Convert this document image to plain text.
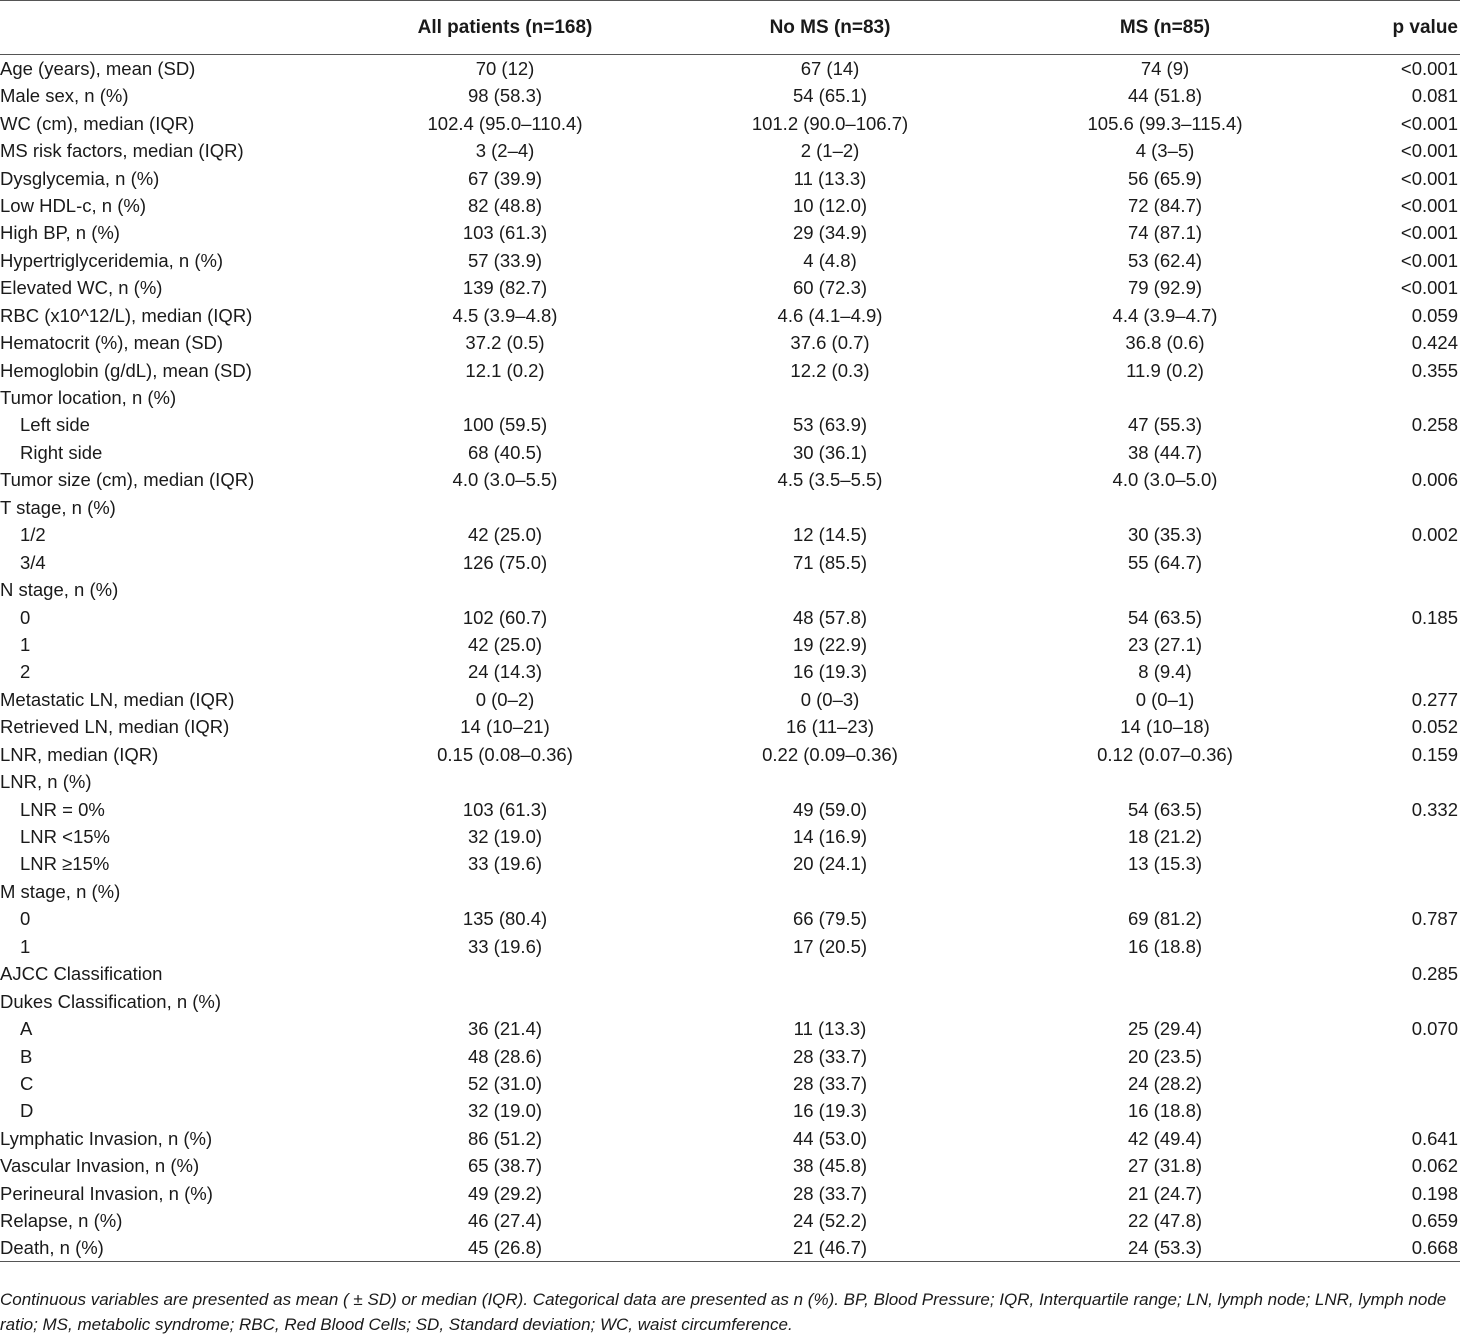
	All patients (n=168)	No MS (n=83)	MS (n=85)	p value
Age (years), mean (SD)	70 (12)	67 (14)	74 (9)	<0.001
Male sex, n (%)	98 (58.3)	54 (65.1)	44 (51.8)	0.081
WC (cm), median (IQR)	102.4 (95.0–110.4)	101.2 (90.0–106.7)	105.6 (99.3–115.4)	<0.001
MS risk factors, median (IQR)	3 (2–4)	2 (1–2)	4 (3–5)	<0.001
Dysglycemia, n (%)	67 (39.9)	11 (13.3)	56 (65.9)	<0.001
Low HDL-c, n (%)	82 (48.8)	10 (12.0)	72 (84.7)	<0.001
High BP, n (%)	103 (61.3)	29 (34.9)	74 (87.1)	<0.001
Hypertriglyceridemia, n (%)	57 (33.9)	4 (4.8)	53 (62.4)	<0.001
Elevated WC, n (%)	139 (82.7)	60 (72.3)	79 (92.9)	<0.001
RBC (x10^12/L), median (IQR)	4.5 (3.9–4.8)	4.6 (4.1–4.9)	4.4 (3.9–4.7)	0.059
Hematocrit (%), mean (SD)	37.2 (0.5)	37.6 (0.7)	36.8 (0.6)	0.424
Hemoglobin (g/dL), mean (SD)	12.1 (0.2)	12.2 (0.3)	11.9 (0.2)	0.355
Tumor location, n (%)				
Left side	100 (59.5)	53 (63.9)	47 (55.3)	0.258
Right side	68 (40.5)	30 (36.1)	38 (44.7)	
Tumor size (cm), median (IQR)	4.0 (3.0–5.5)	4.5 (3.5–5.5)	4.0 (3.0–5.0)	0.006
T stage, n (%)				
1/2	42 (25.0)	12 (14.5)	30 (35.3)	0.002
3/4	126 (75.0)	71 (85.5)	55 (64.7)	
N stage, n (%)				
0	102 (60.7)	48 (57.8)	54 (63.5)	0.185
1	42 (25.0)	19 (22.9)	23 (27.1)	
2	24 (14.3)	16 (19.3)	8 (9.4)	
Metastatic LN, median (IQR)	0 (0–2)	0 (0–3)	0 (0–1)	0.277
Retrieved LN, median (IQR)	14 (10–21)	16 (11–23)	14 (10–18)	0.052
LNR, median (IQR)	0.15 (0.08–0.36)	0.22 (0.09–0.36)	0.12 (0.07–0.36)	0.159
LNR, n (%)				
LNR = 0%	103 (61.3)	49 (59.0)	54 (63.5)	0.332
LNR <15%	32 (19.0)	14 (16.9)	18 (21.2)	
LNR ≥15%	33 (19.6)	20 (24.1)	13 (15.3)	
M stage, n (%)				
0	135 (80.4)	66 (79.5)	69 (81.2)	0.787
1	33 (19.6)	17 (20.5)	16 (18.8)	
AJCC Classification				0.285
Dukes Classification, n (%)				
A	36 (21.4)	11 (13.3)	25 (29.4)	0.070
B	48 (28.6)	28 (33.7)	20 (23.5)	
C	52 (31.0)	28 (33.7)	24 (28.2)	
D	32 (19.0)	16 (19.3)	16 (18.8)	
Lymphatic Invasion, n (%)	86 (51.2)	44 (53.0)	42 (49.4)	0.641
Vascular Invasion, n (%)	65 (38.7)	38 (45.8)	27 (31.8)	0.062
Perineural Invasion, n (%)	49 (29.2)	28 (33.7)	21 (24.7)	0.198
Relapse, n (%)	46 (27.4)	24 (52.2)	22 (47.8)	0.659
Death, n (%)	45 (26.8)	21 (46.7)	24 (53.3)	0.668
Continuous variables are presented as mean ( ± SD) or median (IQR). Categorical data are presented as n (%). BP, Blood Pressure; IQR, Interquartile range; LN, lymph node; LNR, lymph node ratio; MS, metabolic syndrome; RBC, Red Blood Cells; SD, Standard deviation; WC, waist circumference.
